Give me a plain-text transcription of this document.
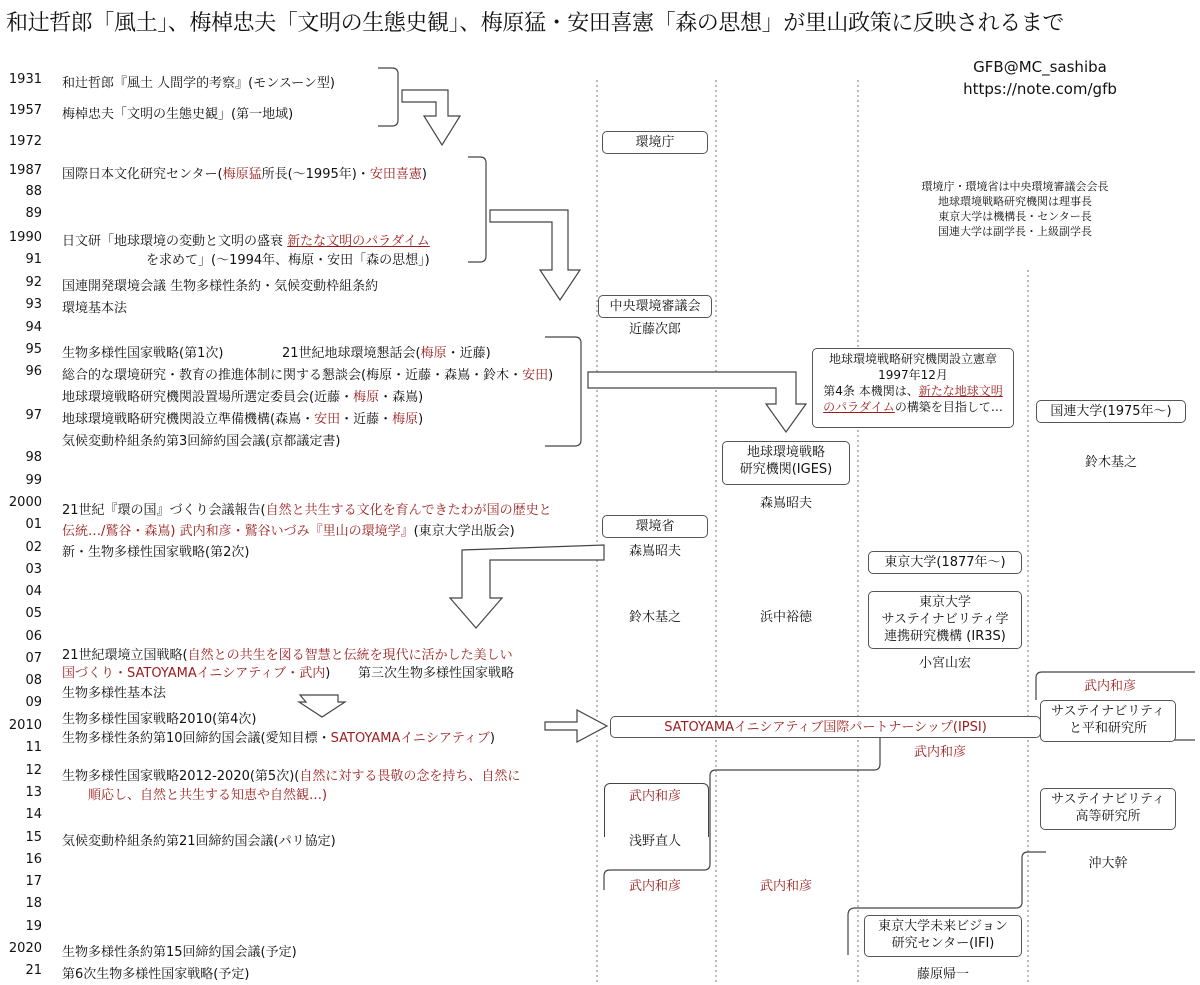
和辻哲郎「風土」、梅棹忠夫「文明の生態史観」、梅原猛・安田喜憲「森の思想」が里山政策に反映されるまで
GFB@MC_sashiba
https://note.com/gfb
1931
1957
1972
1987
88
89
1990
91
92
93
94
95
96
97
98
99
2000
01
02
03
04
05
06
07
08
09
2010
11
12
13
14
15
16
17
18
19
2020
21
和辻哲郎『風土 人間学的考察』(モンスーン型)
梅棹忠夫「文明の生態史観」(第一地域)
国際日本文化研究センター(梅原猛所長(～1995年)・安田喜憲)
日文研「地球環境の変動と文明の盛衰 新たな文明のパラダイム
を求めて」(～1994年、梅原・安田「森の思想」)
国連開発環境会議 生物多様性条約・気候変動枠組条約
環境基本法
生物多様性国家戦略(第1次)	21世紀地球環境懇話会(梅原・近藤)
総合的な環境研究・教育の推進体制に関する懇談会(梅原・近藤・森嶌・鈴木・安田)
地球環境戦略研究機関設置場所選定委員会(近藤・梅原・森嶌)
地球環境戦略研究機関設立準備機構(森嶌・安田・近藤・梅原)
気候変動枠組条約第3回締約国会議(京都議定書)
21世紀『環の国』づくり会議報告(自然と共生する文化を育んできたわが国の歴史と
伝統…/鷲谷・森嶌) 武内和彦・鷲谷いづみ『里山の環境学』(東京大学出版会)
新・生物多様性国家戦略(第2次)
21世紀環境立国戦略(自然との共生を図る智慧と伝統を現代に活かした美しい
国づくり・SATOYAMAイニシアティブ・武内) 第三次生物多様性国家戦略
生物多様性基本法
生物多様性国家戦略2010(第4次)
生物多様性条約第10回締約国会議(愛知目標・SATOYAMAイニシアティブ)
生物多様性国家戦略2012-2020(第5次)(自然に対する畏敬の念を持ち、自然に
順応し、自然と共生する知恵や自然観…)
気候変動枠組条約第21回締約国会議(パリ協定)
生物多様性条約第15回締約国会議(予定)
第6次生物多様性国家戦略(予定)
環境庁・環境省は中央環境審議会会長
地球環境戦略研究機関は理事長
東京大学は機構長・センター長
国連大学は副学長・上級副学長
環境庁
中央環境審議会
近藤次郎
環境省
森嶌昭夫
鈴木基之
武内和彦
浅野直人
武内和彦
地球環境戦略研究機関設立憲章
1997年12月
第4条 本機関は、新たな地球文明
のパラダイムの構築を目指して…
地球環境戦略
研究機関(IGES)
森嶌昭夫
浜中裕徳
武内和彦
東京大学(1877年～)
東京大学
サステイナビリティ学
連携研究機構 (IR3S)
小宮山宏
東京大学未来ビジョン
研究センター(IFI)
藤原帰一
SATOYAMAイニシアティブ国際パートナーシップ(IPSI)
武内和彦
国連大学(1975年～)
鈴木基之
武内和彦
サステイナビリティ
と平和研究所
サステイナビリティ
高等研究所
沖大幹
